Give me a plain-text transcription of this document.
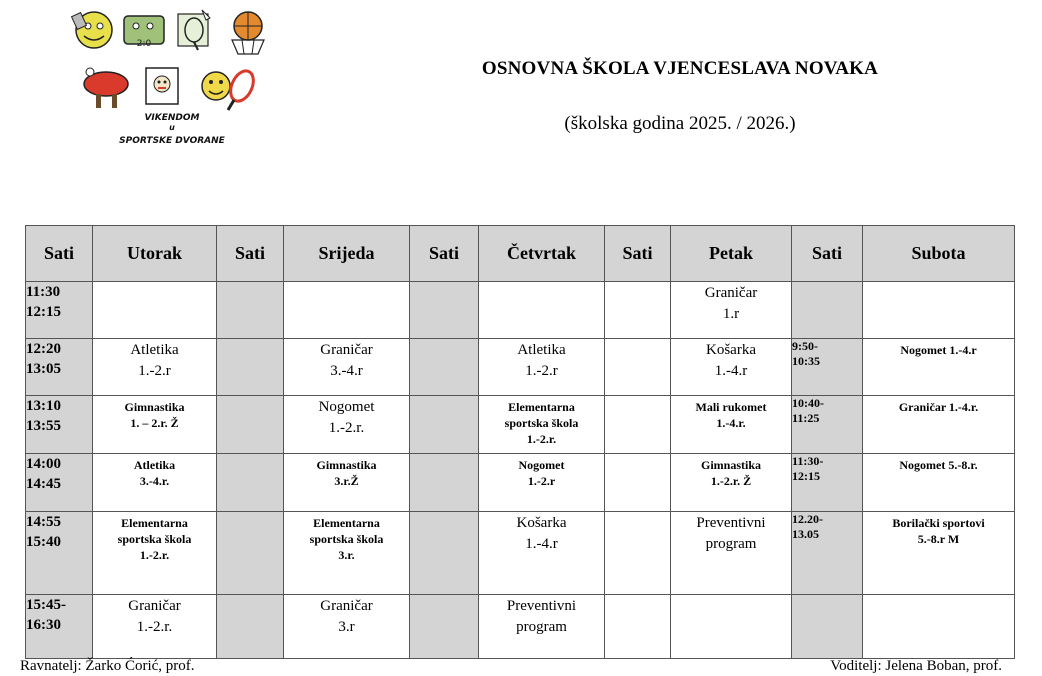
2:0
VIKENDOM
u
SPORTSKE DVORANE
OSNOVNA ŠKOLA VJENCESLAVA NOVAKA
(školska godina 2025. / 2026.)
Sati	Utorak	Sati	Srijeda	Sati	Četvrtak	Sati	Petak	Sati	Subota

11:30
12:15							Graničar
1.r		

12:20
13:05	Atletika
1.-2.r		Graničar
3.-4.r		Atletika
1.-2.r		Košarka
1.-4.r	9:50-
10:35	Nogomet 1.-4.r

13:10
13:55	Gimnastika
1. – 2.r. Ž		Nogomet
1.-2.r.		Elementarna
sportska škola
1.-2.r.		Mali rukomet
1.-4.r.	10:40-
11:25	Graničar 1.-4.r.

14:00
14:45	Atletika
3.-4.r.		Gimnastika
3.r.Ž		Nogomet
1.-2.r		Gimnastika
1.-2.r. Ž	11:30-
12:15	Nogomet 5.-8.r.

14:55
15:40	Elementarna
sportska škola
1.-2.r.		Elementarna
sportska škola
3.r.		Košarka
1.-4.r		Preventivni
program	12.20-
13.05	Borilački sportovi
5.-8.r M

15:45-
16:30	Graničar
1.-2.r.		Graničar
3.r		Preventivni
program				

Ravnatelj: Žarko Ćorić, prof.	Voditelj: Jelena Boban, prof.
